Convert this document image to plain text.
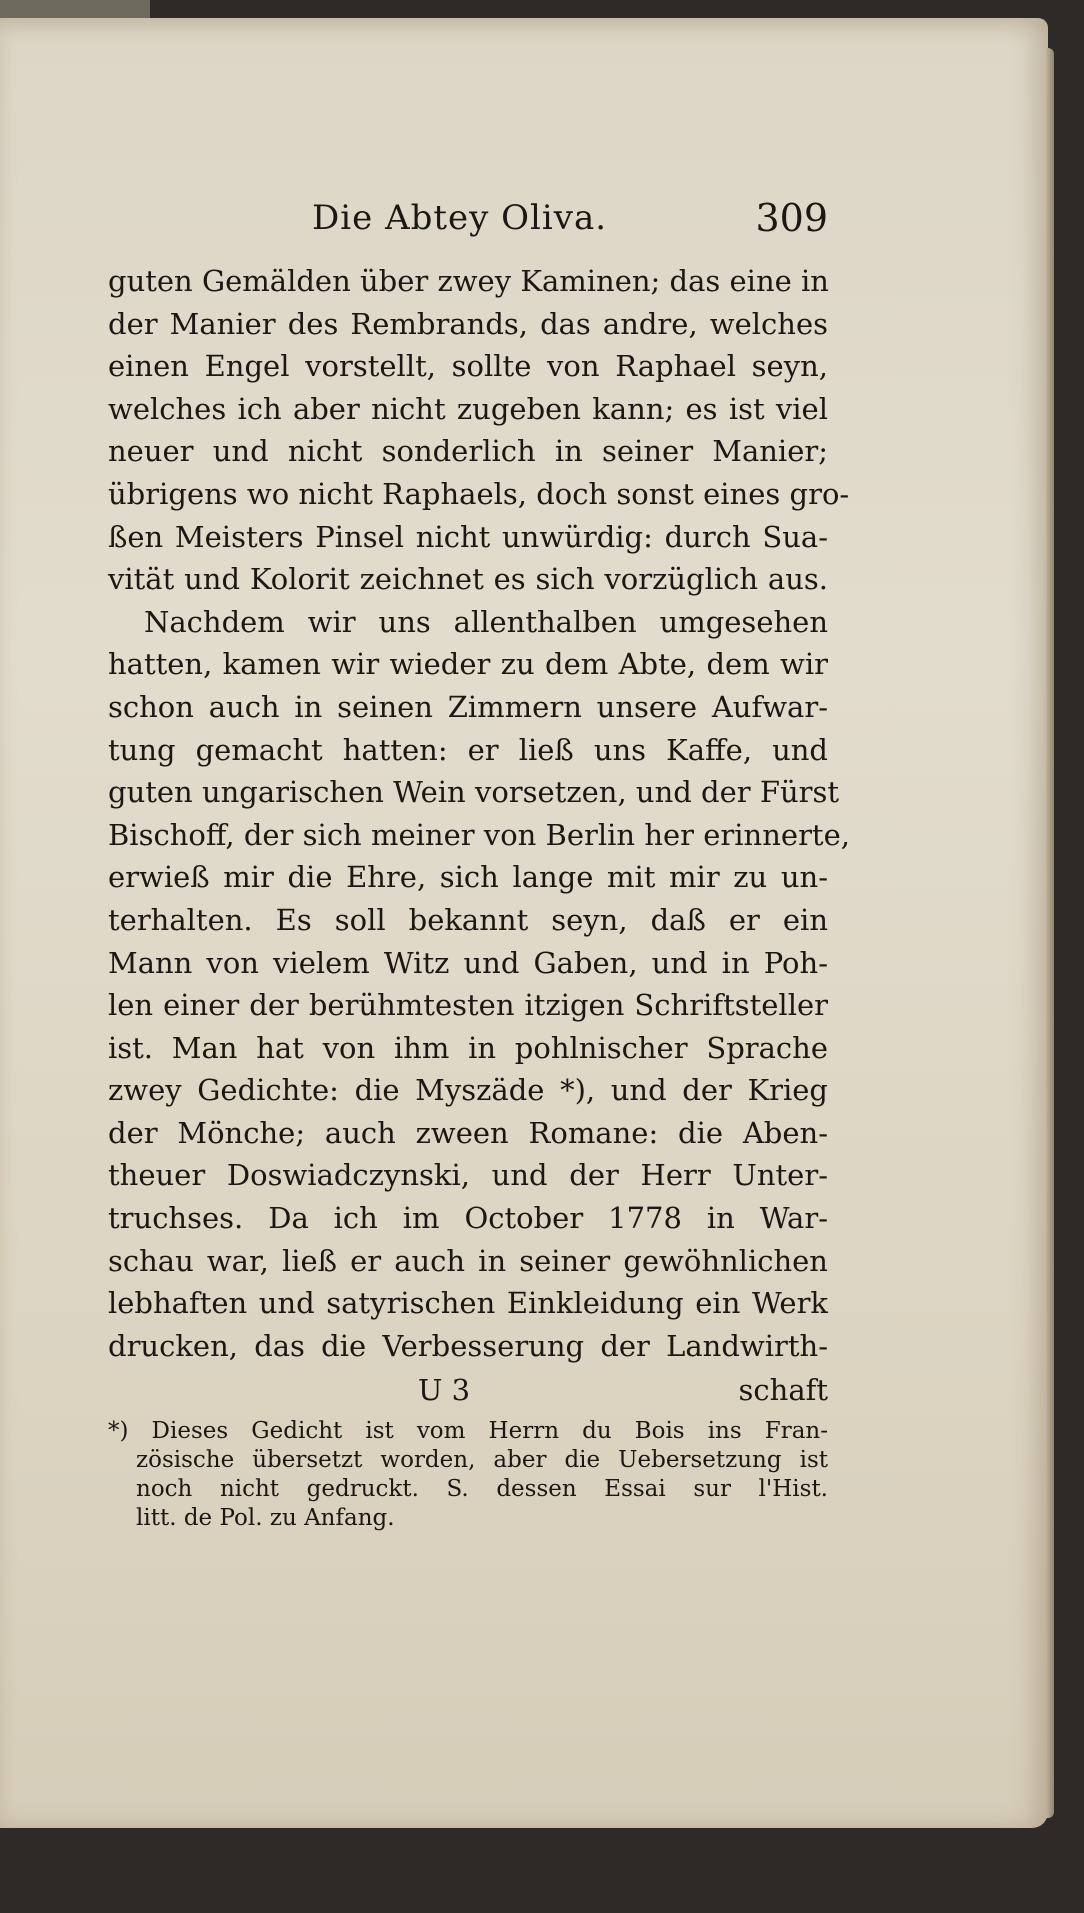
Die Abtey Oliva.	309
guten Gemälden über zwey Kaminen; das eine in
der Manier des Rembrands, das andre, welches
einen Engel vorstellt, sollte von Raphael seyn,
welches ich aber nicht zugeben kann; es ist viel
neuer und nicht sonderlich in seiner Manier;
übrigens wo nicht Raphaels, doch sonst eines gro-
ßen Meisters Pinsel nicht unwürdig: durch Sua-
vität und Kolorit zeichnet es sich vorzüglich aus.
Nachdem wir uns allenthalben umgesehen
hatten, kamen wir wieder zu dem Abte, dem wir
schon auch in seinen Zimmern unsere Aufwar-
tung gemacht hatten: er ließ uns Kaffe, und
guten ungarischen Wein vorsetzen, und der Fürst
Bischoff, der sich meiner von Berlin her erinnerte,
erwieß mir die Ehre, sich lange mit mir zu un-
terhalten. Es soll bekannt seyn, daß er ein
Mann von vielem Witz und Gaben, und in Poh-
len einer der berühmtesten itzigen Schriftsteller
ist. Man hat von ihm in pohlnischer Sprache
zwey Gedichte: die Myszäde *), und der Krieg
der Mönche; auch zween Romane: die Aben-
theuer Doswiadczynski, und der Herr Unter-
truchses. Da ich im October 1778 in War-
schau war, ließ er auch in seiner gewöhnlichen
lebhaften und satyrischen Einkleidung ein Werk
drucken, das die Verbesserung der Landwirth-
U 3	schaft
*) Dieses Gedicht ist vom Herrn du Bois ins Fran-
zösische übersetzt worden, aber die Uebersetzung ist
noch nicht gedruckt. S. dessen Essai sur l'Hist.
litt. de Pol. zu Anfang.
